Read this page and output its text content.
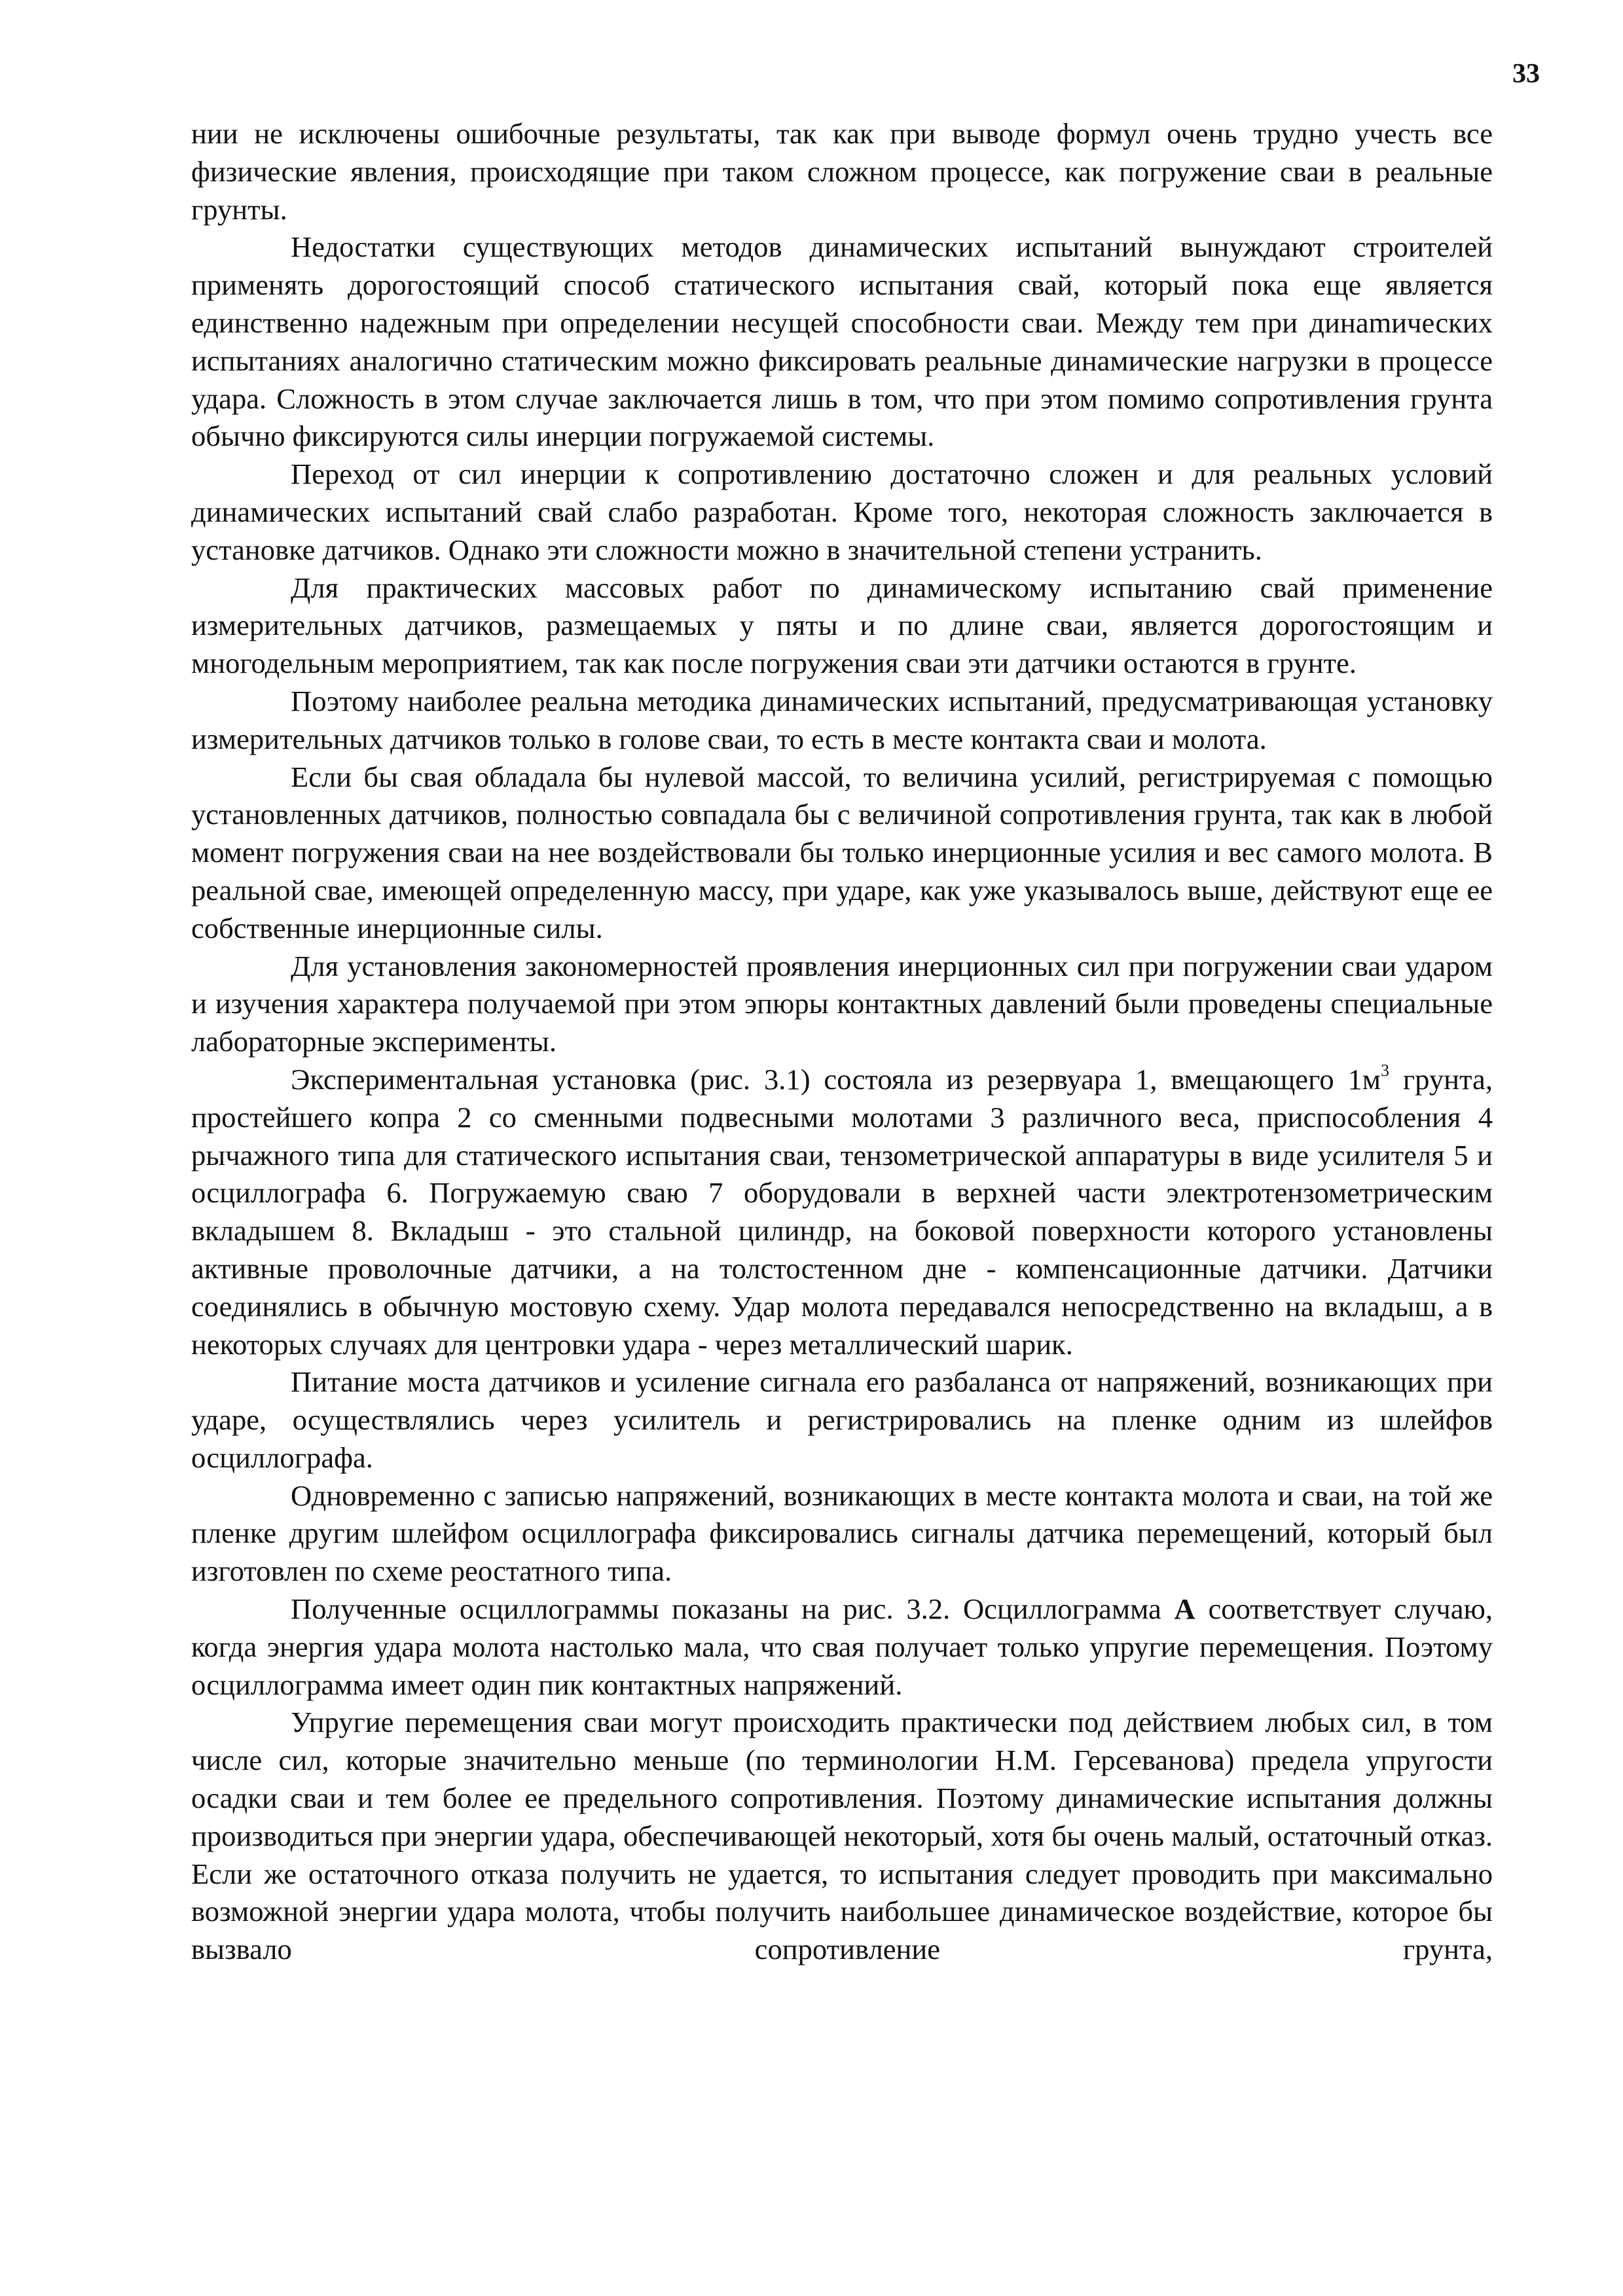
33

нии не исключены ошибочные результаты, так как при выводе формул очень трудно учесть все физические явления, происходящие при таком сложном процессе, как погружение сваи в реальные грунты.

Недостатки существующих методов динамических испытаний вынуждают строителей применять дорогостоящий способ статического испытания свай, который пока еще является единственно надежным при определении несущей способности сваи. Между тем при динаmических испытаниях аналогично статическим можно фиксировать реальные динамические нагрузки в процессе удара. Сложность в этом случае заключается лишь в том, что при этом помимо сопротивления грунта обычно фиксируются силы инерции погружаемой системы.

Переход от сил инерции к сопротивлению достаточно сложен и для реальных условий динамических испытаний свай слабо разработан. Кроме того, некоторая сложность заключается в установке датчиков. Однако эти сложности можно в значительной степени устранить.

Для практических массовых работ по динамическому испытанию свай применение измерительных датчиков, размещаемых у пяты и по длине сваи, является дорогостоящим и многодельным мероприятием, так как после погружения сваи эти датчики остаются в грунте.

Поэтому наиболее реальна методика динамических испытаний, предусматривающая установку измерительных датчиков только в голове сваи, то есть в месте контакта сваи и молота.

Если бы свая обладала бы нулевой массой, то величина усилий, регистрируемая с помощью установленных датчиков, полностью совпадала бы с величиной сопротивления грунта, так как в любой момент погружения сваи на нее воздействовали бы только инерционные усилия и вес самого молота. В реальной свае, имеющей определенную массу, при ударе, как уже указывалось выше, действуют еще ее собственные инерционные силы.

Для установления закономерностей проявления инерционных сил при погружении сваи ударом и изучения характера получаемой при этом эпюры контактных давлений были проведены специальные лабораторные эксперименты.

Экспериментальная установка (рис. 3.1) состояла из резервуара 1, вмещающего $1м^3$ грунта, простейшего копра 2 со сменными подвесными молотами 3 различного веса, приспособления 4 рычажного типа для статического испытания сваи, тензометрической аппаратуры в виде усилителя 5 и осциллографа 6. Погружаемую сваю 7 оборудовали в верхней части электротензометрическим вкладышем 8. Вкладыш - это стальной цилиндр, на боковой поверхности которого установлены активные проволочные датчики, а на толстостенном дне - компенсационные датчики. Датчики соединялись в обычную мостовую схему. Удар молота передавался непосредственно на вкладыш, а в некоторых случаях для центровки удара - через металлический шарик.

Питание моста датчиков и усиление сигнала его разбаланса от напряжений, возникающих при ударе, осуществлялись через усилитель и регистрировались на пленке одним из шлейфов осциллографа.

Одновременно с записью напряжений, возникающих в месте контакта молота и сваи, на той же пленке другим шлейфом осциллографа фиксировались сигналы датчика перемещений, который был изготовлен по схеме реостатного типа.

Полученные осциллограммы показаны на рис. 3.2. Осциллограмма А соответствует случаю, когда энергия удара молота настолько мала, что свая получает только упругие перемещения. Поэтому осциллограмма имеет один пик контактных напряжений.

Упругие перемещения сваи могут происходить практически под действием любых сил, в том числе сил, которые значительно меньше (по терминологии Н.М. Герсеванова) предела упругости осадки сваи и тем более ее предельного сопротивления. Поэтому динамические испытания должны производиться при энергии удара, обеспечивающей некоторый, хотя бы очень малый, остаточный отказ. Если же остаточного отказа получить не удается, то испытания следует проводить при максимально возможной энергии удара молота, чтобы получить наибольшее динамическое воздействие, которое бы вызвало сопротивление грунта,
